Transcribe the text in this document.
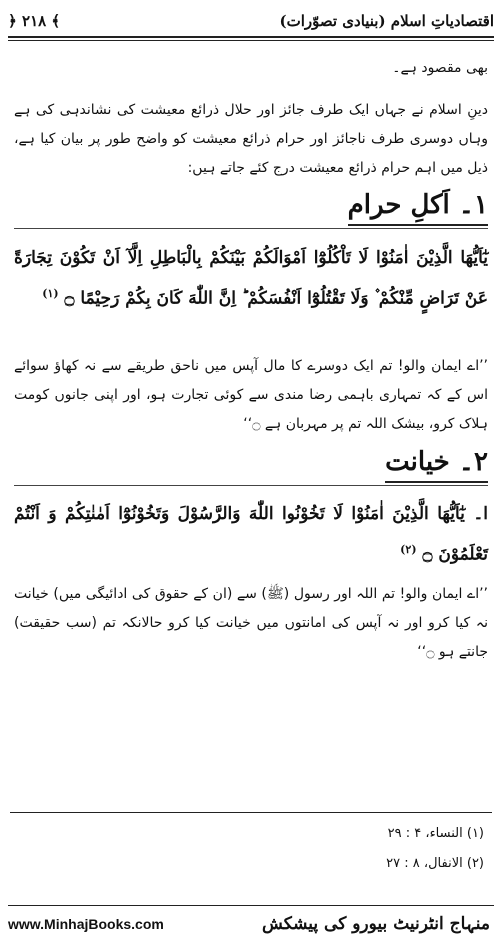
﴿ ۲۱۸ ﴾	اقتصادیاتِ اسلام (بنیادی تصوّرات)
بھی مقصود ہے۔
دینِ اسلام نے جہاں ایک طرف جائز اور حلال ذرائع معیشت کی نشاندہی کی ہے وہاں دوسری طرف ناجائز اور حرام ذرائع معیشت کو واضح طور پر بیان کیا ہے، ذیل میں اہم حرام ذرائع معیشت درج کئے جاتے ہیں:
۱۔ اَکلِ حرام
یٰٓاَیُّهَا الَّذِیْنَ اٰمَنُوْا لَا تَاْكُلُوْٓا اَمْوَالَكُمْ بَیْنَكُمْ بِالْبَاطِلِ اِلَّآ اَنْ تَكُوْنَ تِجَارَةً عَنْ تَرَاضٍ مِّنْكُمْ ۫ وَلَا تَقْتُلُوْٓا اَنْفُسَكُمْ ؕ اِنَّ اللّٰهَ كَانَ بِكُمْ رَحِیْمًا ۝ $^{(۱)}$
’’اے ایمان والو! تم ایک دوسرے کا مال آپس میں ناحق طریقے سے نہ کھاؤ سوائے اس کے کہ تمہاری باہمی رضا مندی سے کوئی تجارت ہو، اور اپنی جانوں کومت ہلاک کرو، بیشک اللہ تم پر مہربان ہے ۝‘‘
۲۔ خیانت
ا۔ یٰٓاَیُّهَا الَّذِیْنَ اٰمَنُوْا لَا تَخُوْنُوا اللّٰهَ وَالرَّسُوْلَ وَتَخُوْنُوْٓا اَمٰنٰتِكُمْ وَ اَنْتُمْ تَعْلَمُوْنَ ۝ $^{(۲)}$
’’اے ایمان والو! تم اللہ اور رسول (ﷺ) سے (ان کے حقوق کی ادائیگی میں) خیانت نہ کیا کرو اور نہ آپس کی امانتوں میں خیانت کیا کرو حالانکہ تم (سب حقیقت) جانتے ہو ۝‘‘
(۱) النساء، ۴ : ۲۹
(۲) الانفال، ۸ : ۲۷
www.MinhajBooks.com	منہاج انٹرنیٹ بیورو کی پیشکش
